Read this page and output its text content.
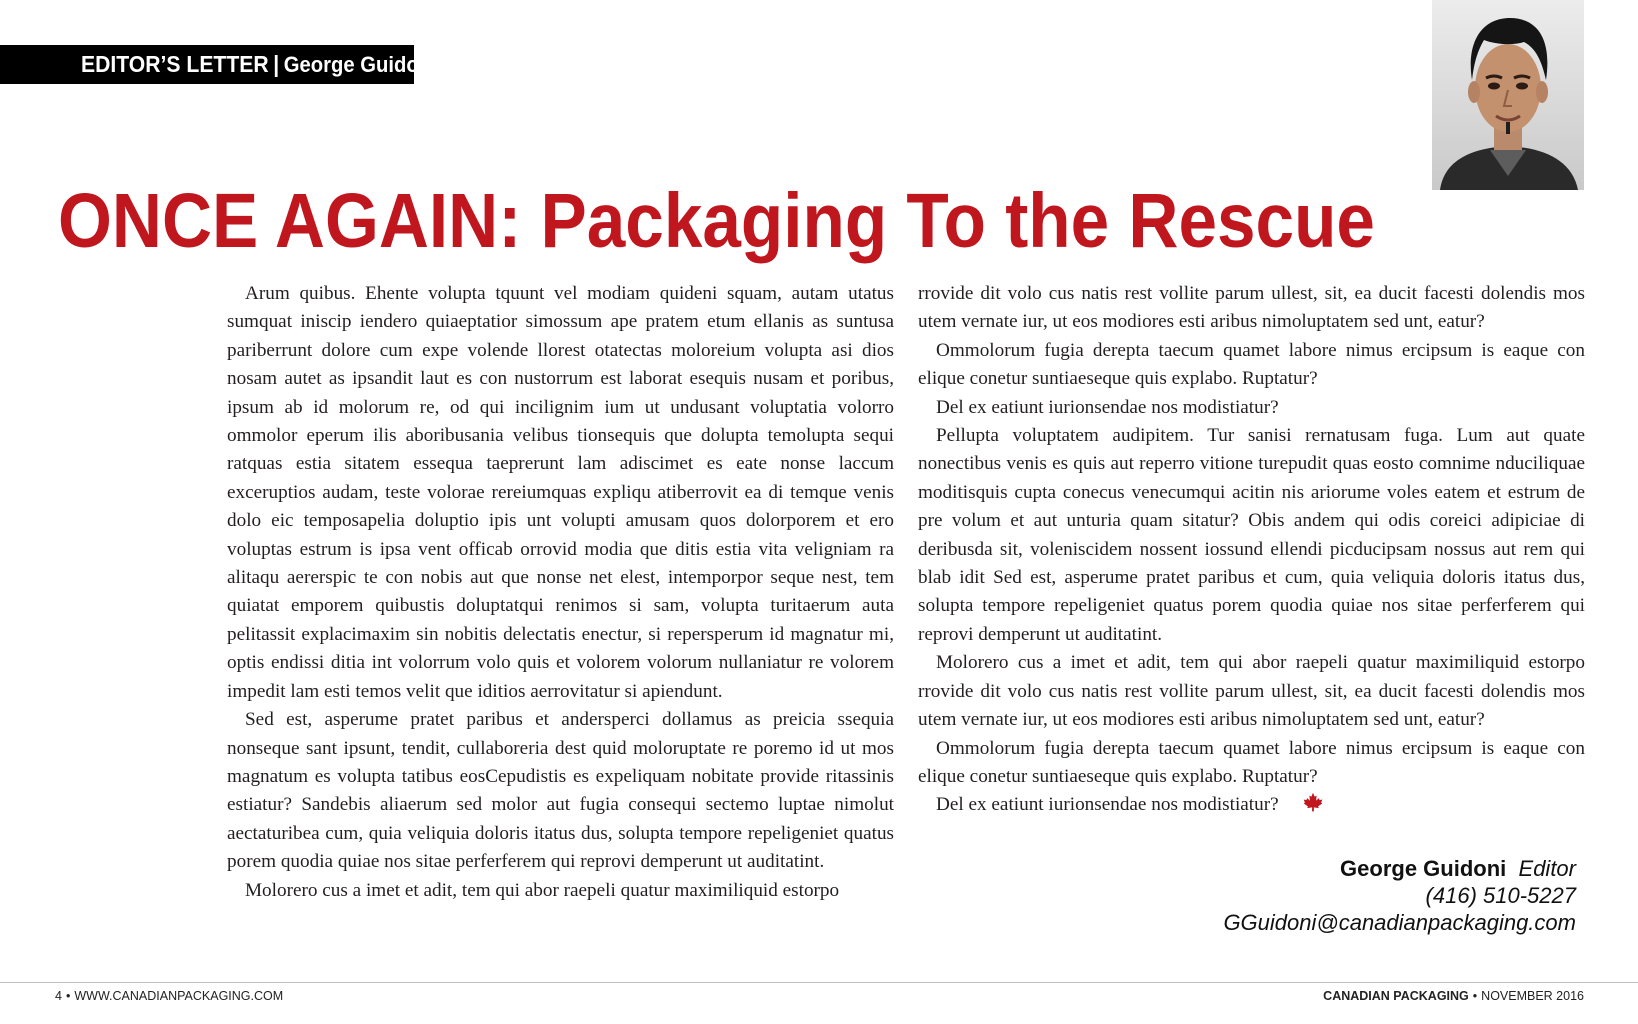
EDITOR’S LETTER | George Guidoni
ONCE AGAIN: Packaging To the Rescue

Arum quibus. Ehente volupta tquunt vel modiam quideni squam, autam utatus sumquat iniscip iendero quiaeptatior simossum ape pratem etum ellanis as suntusa pariberrunt dolore cum expe volende llorest otatectas moloreium volupta asi dios nosam autet as ipsandit laut es con nustorrum est laborat esequis nusam et poribus, ipsum ab id molorum re, od qui incilignim ium ut undusant voluptatia volorro ommolor eperum ilis aboribusania velibus tionsequis que dolupta temolupta sequi ratquas estia sitatem essequa taeprerunt lam adiscimet es eate nonse laccum exceruptios audam, teste volorae rereiumquas expliqu atiberrovit ea di temque venis dolo eic temposapelia doluptio ipis unt volupti amusam quos dolorporem et ero voluptas estrum is ipsa vent officab orrovid modia que ditis estia vita veligniam ra alitaqu aererspic te con nobis aut que nonse net elest, intemporpor seque nest, tem quiatat emporem quibustis doluptatqui renimos si sam, volupta turitaerum auta pelitassit explacimaxim sin nobitis delectatis enectur, si repersperum id magnatur mi, optis endissi ditia int volorrum volo quis et volorem volorum nullaniatur re volorem impedit lam esti temos velit que iditios aerrovitatur si apiendunt.

Sed est, asperume pratet paribus et andersperci dollamus as preicia ssequia nonseque sant ipsunt, tendit, cullaboreria dest quid moloruptate re poremo id ut mos magnatum es volupta tatibus eosCepudistis es expeliquam nobitate provide ritassinis estiatur? Sandebis aliaerum sed molor aut fugia consequi sectemo luptae nimolut aectaturibea cum, quia veliquia doloris itatus dus, solupta tempore repeligeniet quatus porem quodia quiae nos sitae perferferem qui reprovi demperunt ut auditatint.

Molorero cus a imet et adit, tem qui abor raepeli quatur maximiliquid estorpo

rrovide dit volo cus natis rest vollite parum ullest, sit, ea ducit facesti dolendis mos utem vernate iur, ut eos modiores esti aribus nimoluptatem sed unt, eatur?

Ommolorum fugia derepta taecum quamet labore nimus ercipsum is eaque con elique conetur suntiaeseque quis explabo. Ruptatur?

Del ex eatiunt iurionsendae nos modistiatur?

Pellupta voluptatem audipitem. Tur sanisi rernatusam fuga. Lum aut quate nonectibus venis es quis aut reperro vitione turepudit quas eosto comnime nduciliquae moditisquis cupta conecus venecumqui acitin nis ariorume voles eatem et estrum de pre volum et aut unturia quam sitatur? Obis andem qui odis coreici adipiciae di deribusda sit, voleniscidem nossent iossund ellendi picducipsam nossus aut rem qui blab idit Sed est, asperume pratet paribus et cum, quia veliquia doloris itatus dus, solupta tempore repeligeniet quatus porem quodia quiae nos sitae perferferem qui reprovi demperunt ut auditatint.

Molorero cus a imet et adit, tem qui abor raepeli quatur maximiliquid estorpo rrovide dit volo cus natis rest vollite parum ullest, sit, ea ducit facesti dolendis mos utem vernate iur, ut eos modiores esti aribus nimoluptatem sed unt, eatur?

Ommolorum fugia derepta taecum quamet labore nimus ercipsum is eaque con elique conetur suntiaeseque quis explabo. Ruptatur?

Del ex eatiunt iurionsendae nos modistiatur?

George Guidoni Editor
(416) 510-5227
GGuidoni@canadianpackaging.com
4 • WWW.CANADIANPACKAGING.COM	CANADIAN PACKAGING • NOVEMBER 2016
